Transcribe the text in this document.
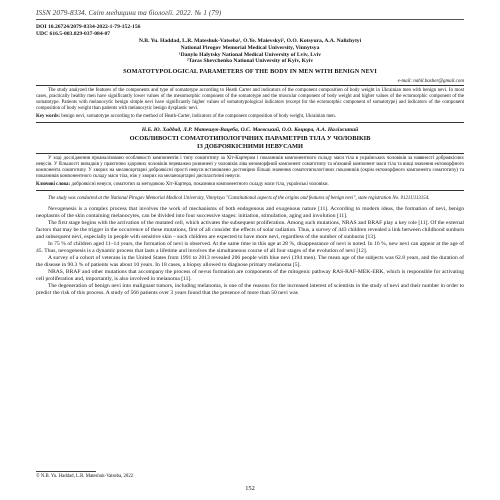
ISSN 2079-8334. Світ медицини та біології. 2022. № 1 (79)
DOI 10.26724/2079-8334-2022-1-79-152-156
UDC 616.5-003.829-037-084-07
N.B. Yu. Haddad, L.R. Mateshuk-Vatseba¹, O.Ye. Maievskyi², O.O. Kotsyura, A.A. Nalizhytyi
National Pirogov Memorial Medical University, Vinnytsya
¹Danylo Halytsky National Medical University of Lviv, Lviv
²Taras Shevchenko National University of Kyiv, Kyiv
SOMATOTYPOLOGICAL PARAMETERS OF THE BODY IN MEN WITH BENIGN NEVI
e-mail: nabil.basher@gmail.com

The study analyzed the features of the components and type of somatotype according to Heath Carter and indicators of the component composition of body weight in Ukrainian men with benign nevi. In most cases, practically healthy men have significantly lower values of the mesomorphic component of the somatotype and the muscular component of body weight and higher values of the ectomorphic component of the somatotype. Patients with melanocytic benign simple nevi have significantly higher values of somatotypological indicators (except for the ectomorphic component of somatotype) and indicators of the component composition of body weight than patients with melanocytic benign dysplastic nevi.

Key words: benign nevi, somatotype according to the method of Heath-Carter, indicators of the component composition of body weight, Ukrainian men.
Н.Б. Ю. Хаддад, Л.Р. Матешук-Вацеба, О.Є. Маєвський, О.О. Коцюра, А.А. Наліжитий
ОСОБЛИВОСТІ СОМАТОТИПОЛОГІЧНИХ ПАРАМЕТРІВ ТІЛА У ЧОЛОВІКІВ
ІЗ ДОБРОЯКІСНИМИ НЕВУСАМИ

У ході дослідження проаналізовано особливості компонентів і типу соматотипу за Хіт-Картером і показників компонентного складу маси тіла в українських чоловіків за наявності доброякісних невусів. У більшості випадків у практично здорових чоловіків переважно розвинені у чоловіків ліва мезоморфний компонент соматотипу та м'язовий компонент маси тіла та вищі значення ектоморфного компонента соматотипу. У хворих на меланоцитарні доброякісні прості невуси встановлено достовірно більші значення соматотипологічних показників (окрім ектоморфного компонента соматотипу) та показників компонентного складу маси тіла, ніж у хворих на меланоцитарні диспластичні невуси.

Ключові слова: доброякісні невуси, соматотип за методикою Хіт-Картера, показники компонентного складу маси тіла, українські чоловіки.
The study was conducted at the National Pirogov Memorial Medical University, Vinnytsya "Constitutional aspects of the origins and features of benign nevi", state registration No. 0121U113154.

Nevogenesis is a complex process that involves the work of mechanisms of both endogenous and exogenous nature [11]. According to modern ideas, the formation of nevi, benign neoplasms of the skin containing melanocytes, can be divided into four successive stages: initiation, stimulation, aging and involution [11].

The first stage begins with the activation of the mutated cell, which activates the subsequent proliferation. Among such mutations, NRAS and BRAF play a key role [11]. Of the external factors that may be the trigger in the occurrence of these mutations, first of all consider the effects of solar radiation. Thus, a survey of 443 children revealed a link between childhood sunburn and subsequent nevi, especially in people with sensitive skin – such children are expected to have more nevi, regardless of the number of sunburns [13].

In 75 % of children aged 11–14 years, the formation of nevi is observed. At the same time in this age at 28 %, disappearance of nevi is noted. In 16 %, new nevi can appear at the age of 45. Thus, nevogenesis is a dynamic process that lasts a lifetime and involves the simultaneous course of all four stages of the evolution of nevi [12].

A survey of a cohort of veterans in the United States from 1991 to 2013 revealed 206 people with blue nevi (194 men). The mean age of the subjects was 62.8 years, and the duration of the disease in 90.3 % of patients was about 10 years. In 18 cases, a biopsy allowed to diagnose primary melanoma [5].

NRAS, BRAF and other mutations that accompany the process of nevus formation are components of the mitogenic pathway RAS-RAF-MEK-ERK, which is responsible for activating cell proliferation and, importantly, is also involved in melanoma [11].

The degeneration of benign nevi into malignant tumors, including melanoma, is one of the reasons for the increased interest of scientists in the study of nevi and their number in order to predict the risk of this process. A study of 566 patients over 3 years found that the presence of more than 50 nevi was

© N.B. Yu. Haddad, L.R. Mateshuk-Vatseba, 2022
152
